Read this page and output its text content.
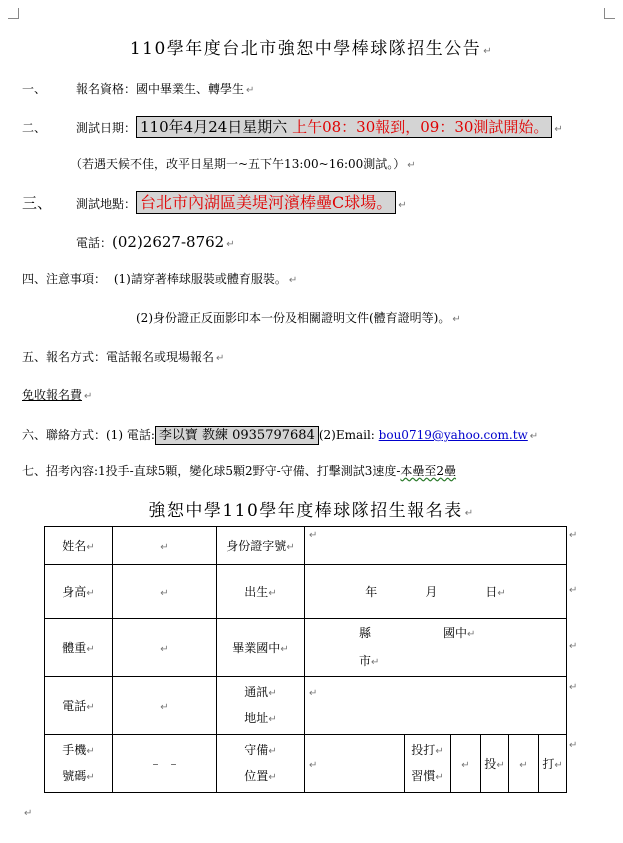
110學年度台北市強恕中學棒球隊招生公告 ↵
一、 報名資格：國中畢業生、轉學生 ↵
二、 測試日期： 110年4月24日星期六 上午08：30報到，09：30測試開始。 ↵
（若遇天候不佳，改平日星期一~五下午13:00~16:00測試。） ↵
三、 測試地點： 台北市內湖區美堤河濱棒壘C球場。 ↵
電話：(02)2627-8762 ↵
四、注意事項： (1)請穿著棒球服裝或體育服裝。 ↵
(2)身份證正反面影印本一份及相關證明文件(體育證明等)。 ↵
五、報名方式：電話報名或現場報名 ↵
免收報名費 ↵
六、聯絡方式：(1) 電話: 李以寶 教練 0935797684 (2)Email: bou0719@yahoo.com.tw ↵
七、招考內容:1投手-直球5顆，變化球5顆2野守-守備、打擊測試3速度-本壘至2壘
強恕中學110學年度棒球隊招生報名表 ↵
姓名↵	↵	身份證字號↵	↵					
身高↵	↵	出生↵	年 月 日↵					
體重↵	↵	畢業國中↵	縣 國中↵
市↵					
電話↵	↵	通訊↵
地址↵	↵					
手機↵
號碼↵	–　–	守備↵
位置↵	↵	投打↵
習慣↵	↵	投↵	↵	打↵
↵
↵
↵
↵
↵
↵
